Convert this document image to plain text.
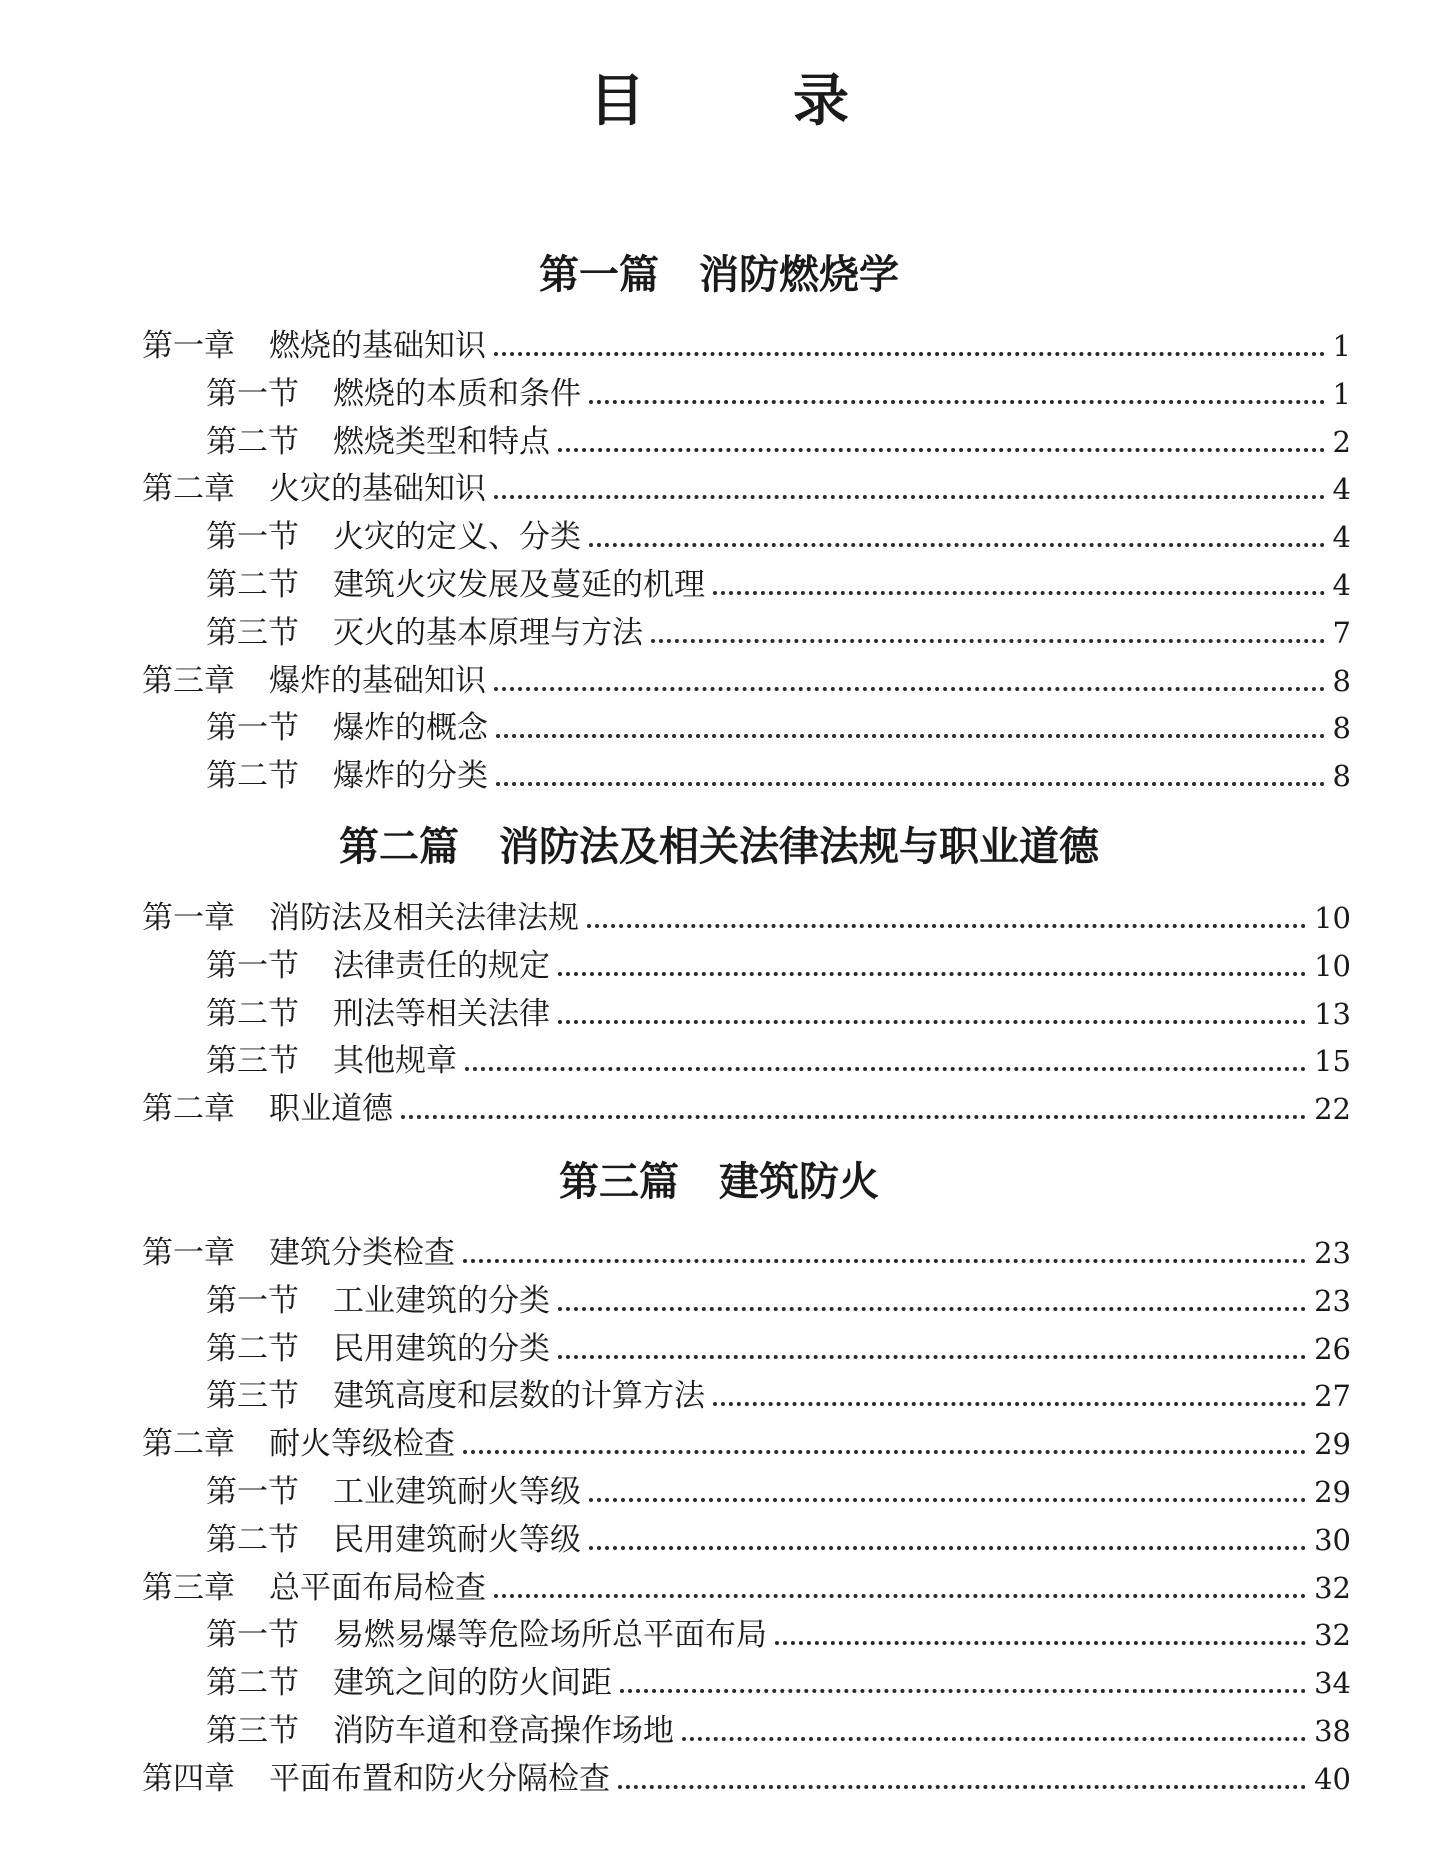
目　录
第一篇 消防燃烧学
第一章 燃烧的基础知识	1
第一节 燃烧的本质和条件	1
第二节 燃烧类型和特点	2
第二章 火灾的基础知识	4
第一节 火灾的定义、分类	4
第二节 建筑火灾发展及蔓延的机理	4
第三节 灭火的基本原理与方法	7
第三章 爆炸的基础知识	8
第一节 爆炸的概念	8
第二节 爆炸的分类	8
第二篇 消防法及相关法律法规与职业道德
第一章 消防法及相关法律法规	10
第一节 法律责任的规定	10
第二节 刑法等相关法律	13
第三节 其他规章	15
第二章 职业道德	22
第三篇 建筑防火
第一章 建筑分类检查	23
第一节 工业建筑的分类	23
第二节 民用建筑的分类	26
第三节 建筑高度和层数的计算方法	27
第二章 耐火等级检查	29
第一节 工业建筑耐火等级	29
第二节 民用建筑耐火等级	30
第三章 总平面布局检查	32
第一节 易燃易爆等危险场所总平面布局	32
第二节 建筑之间的防火间距	34
第三节 消防车道和登高操作场地	38
第四章 平面布置和防火分隔检查	40
